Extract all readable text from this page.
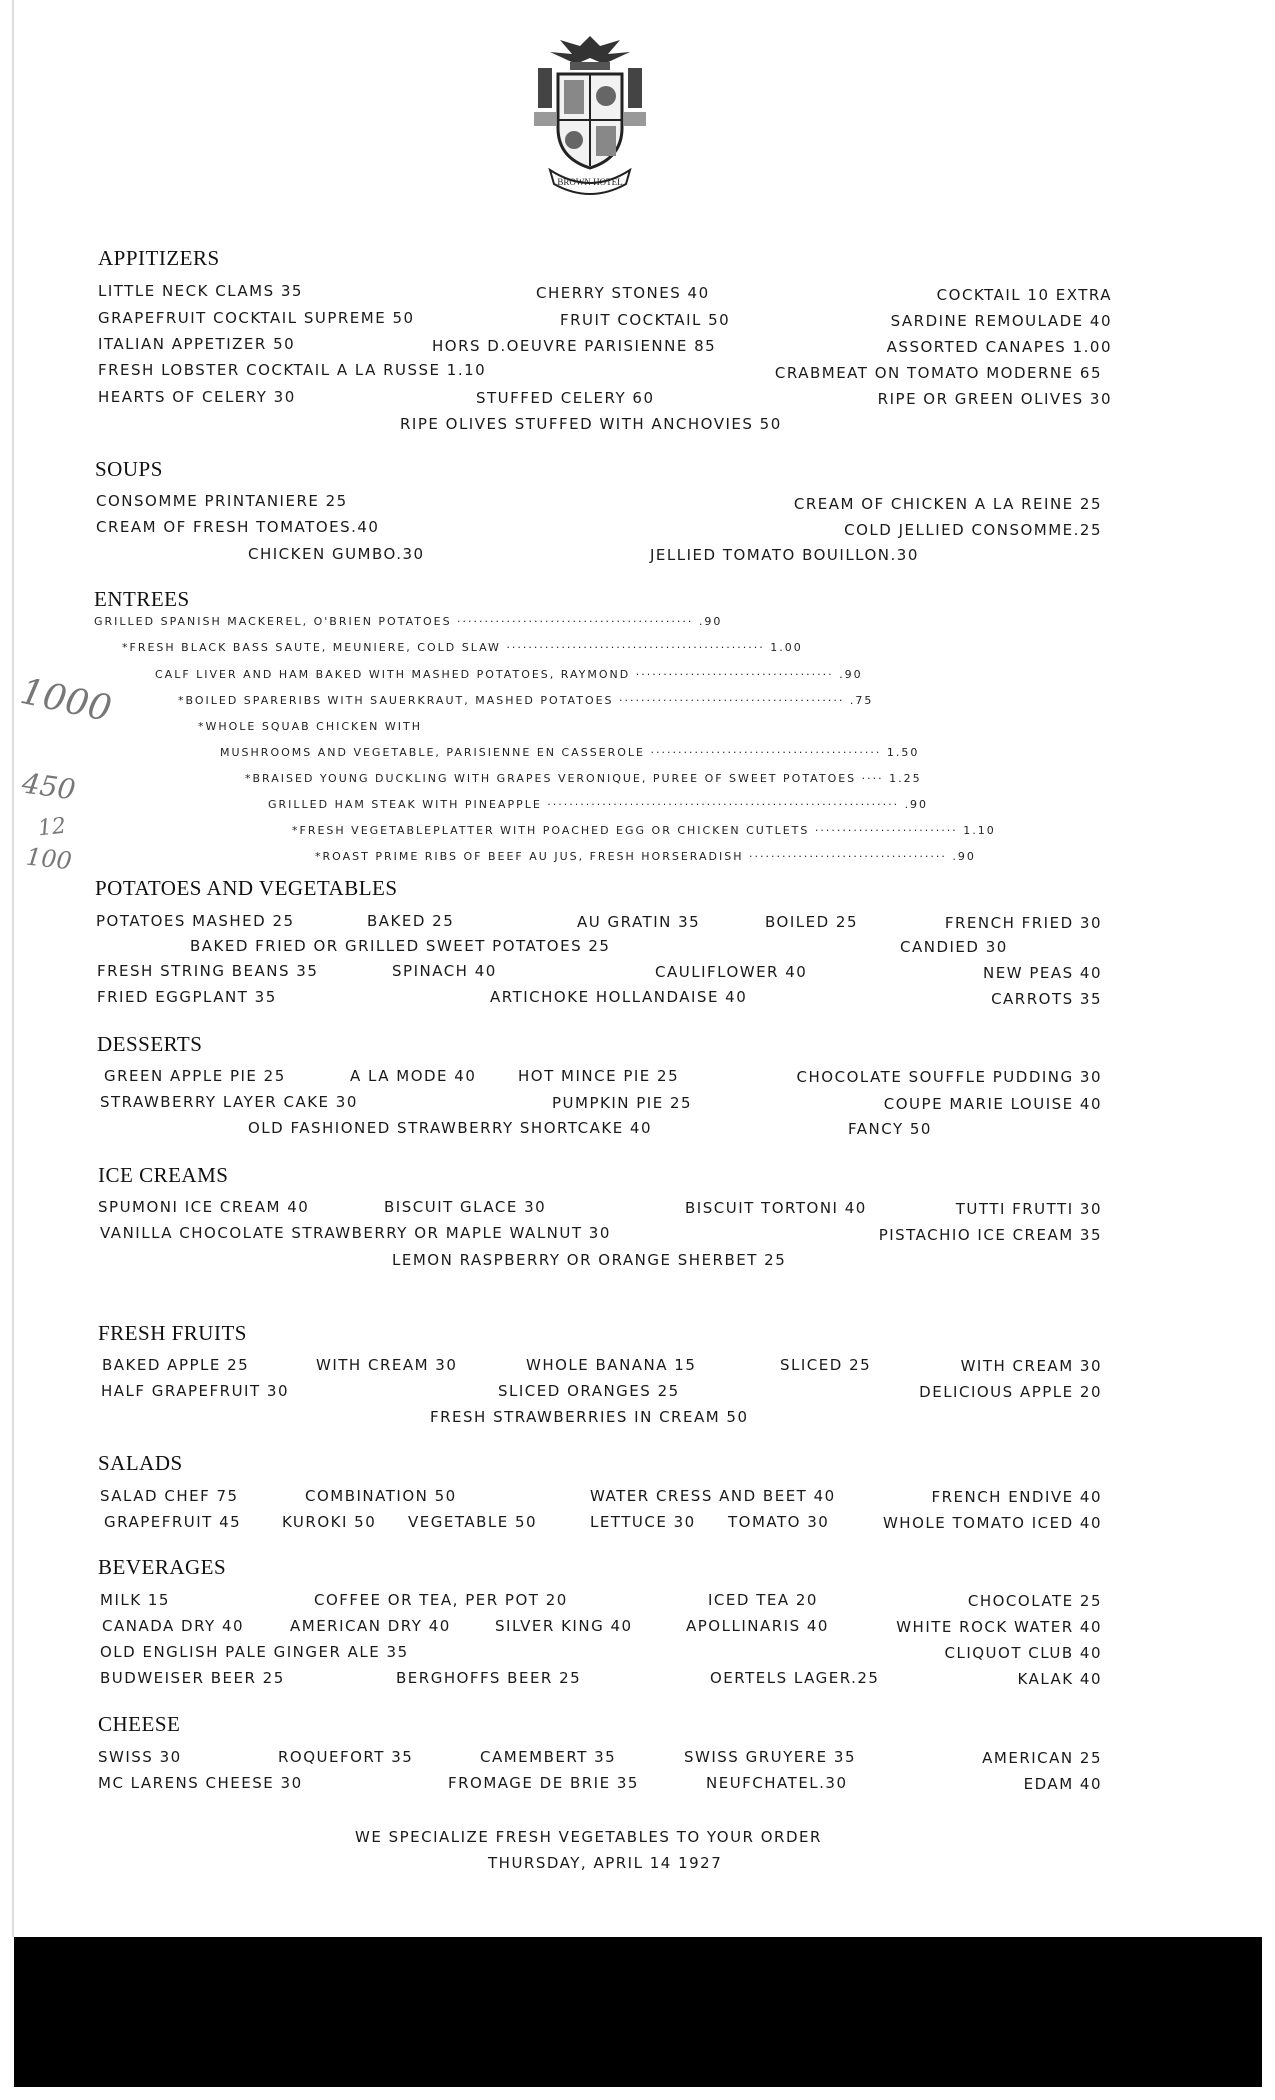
BROWN HOTEL
APPITIZERS
LITTLE NECK CLAMS 35	CHERRY STONES 40	COCKTAIL 10 EXTRA
GRAPEFRUIT COCKTAIL SUPREME 50	FRUIT COCKTAIL 50	SARDINE REMOULADE 40
ITALIAN APPETIZER 50	HORS D.OEUVRE PARISIENNE 85	ASSORTED CANAPES 1.00
FRESH LOBSTER COCKTAIL A LA RUSSE 1.10	CRABMEAT ON TOMATO MODERNE 65
HEARTS OF CELERY 30	STUFFED CELERY 60	RIPE OR GREEN OLIVES 30
RIPE OLIVES STUFFED WITH ANCHOVIES 50
SOUPS
CONSOMME PRINTANIERE 25	CREAM OF CHICKEN A LA REINE 25
CREAM OF FRESH TOMATOES.40	COLD JELLIED CONSOMME.25
CHICKEN GUMBO.30	JELLIED TOMATO BOUILLON.30
ENTREES
GRILLED SPANISH MACKEREL, O'BRIEN POTATOES ··········································· .90
*FRESH BLACK BASS SAUTE, MEUNIERE, COLD SLAW ··············································· 1.00
CALF LIVER AND HAM BAKED WITH MASHED POTATOES, RAYMOND ···································· .90
*BOILED SPARERIBS WITH SAUERKRAUT, MASHED POTATOES ········································· .75
*WHOLE SQUAB CHICKEN WITH
MUSHROOMS AND VEGETABLE, PARISIENNE EN CASSEROLE ·········································· 1.50
*BRAISED YOUNG DUCKLING WITH GRAPES VERONIQUE, PUREE OF SWEET POTATOES ···· 1.25
GRILLED HAM STEAK WITH PINEAPPLE ································································ .90
*FRESH VEGETABLEPLATTER WITH POACHED EGG OR CHICKEN CUTLETS ·························· 1.10
*ROAST PRIME RIBS OF BEEF AU JUS, FRESH HORSERADISH ···································· .90
POTATOES AND VEGETABLES
POTATOES MASHED 25	BAKED 25	AU GRATIN 35	BOILED 25	FRENCH FRIED 30
BAKED FRIED OR GRILLED SWEET POTATOES 25	CANDIED 30
FRESH STRING BEANS 35	SPINACH 40	CAULIFLOWER 40	NEW PEAS 40
FRIED EGGPLANT 35	ARTICHOKE HOLLANDAISE 40	CARROTS 35
DESSERTS
GREEN APPLE PIE 25	A LA MODE 40	HOT MINCE PIE 25	CHOCOLATE SOUFFLE PUDDING 30
STRAWBERRY LAYER CAKE 30	PUMPKIN PIE 25	COUPE MARIE LOUISE 40
OLD FASHIONED STRAWBERRY SHORTCAKE 40	FANCY 50
ICE CREAMS
SPUMONI ICE CREAM 40	BISCUIT GLACE 30	BISCUIT TORTONI 40	TUTTI FRUTTI 30
VANILLA CHOCOLATE STRAWBERRY OR MAPLE WALNUT 30	PISTACHIO ICE CREAM 35
LEMON RASPBERRY OR ORANGE SHERBET 25
FRESH FRUITS
BAKED APPLE 25	WITH CREAM 30	WHOLE BANANA 15	SLICED 25	WITH CREAM 30
HALF GRAPEFRUIT 30	SLICED ORANGES 25	DELICIOUS APPLE 20
FRESH STRAWBERRIES IN CREAM 50
SALADS
SALAD CHEF 75	COMBINATION 50	WATER CRESS AND BEET 40	FRENCH ENDIVE 40
GRAPEFRUIT 45	KUROKI 50 VEGETABLE 50	LETTUCE 30 TOMATO 30	WHOLE TOMATO ICED 40
BEVERAGES
MILK 15	COFFEE OR TEA, PER POT 20	ICED TEA 20	CHOCOLATE 25
CANADA DRY 40	AMERICAN DRY 40	SILVER KING 40	APOLLINARIS 40	WHITE ROCK WATER 40
OLD ENGLISH PALE GINGER ALE 35	CLIQUOT CLUB 40
BUDWEISER BEER 25	BERGHOFFS BEER 25	OERTELS LAGER.25	KALAK 40
CHEESE
SWISS 30	ROQUEFORT 35	CAMEMBERT 35	SWISS GRUYERE 35	AMERICAN 25
MC LARENS CHEESE 30	FROMAGE DE BRIE 35	NEUFCHATEL.30	EDAM 40
WE SPECIALIZE FRESH VEGETABLES TO YOUR ORDER
THURSDAY, APRIL 14 1927
1000
450
12
100
